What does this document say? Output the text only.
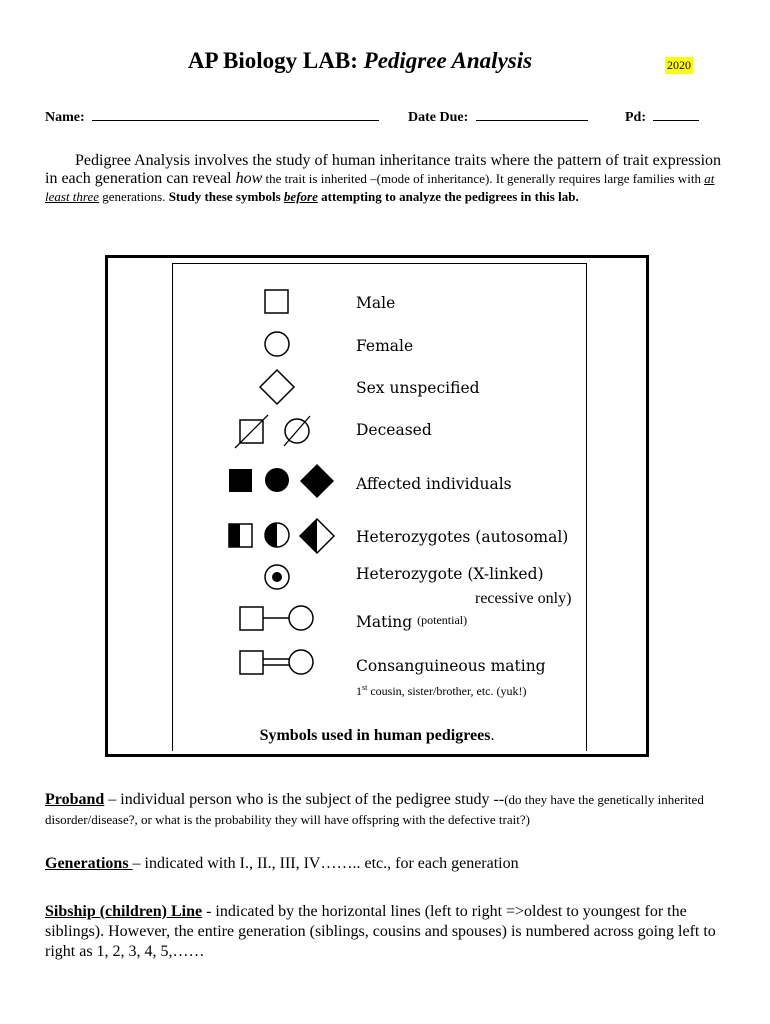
AP Biology LAB: Pedigree Analysis	2020
Name:	Date Due:	Pd:
Pedigree Analysis involves the study of human inheritance traits where the pattern of trait expression in each generation can reveal how the trait is inherited –(mode of inheritance). It generally requires large families with at least three generations. Study these symbols before attempting to analyze the pedigrees in this lab.
Male
Female
Sex unspecified
Deceased
Affected individuals
Heterozygotes (autosomal)
Heterozygote (X-linked)
recessive only)
Mating (potential)
Consanguineous mating
1st cousin, sister/brother, etc. (yuk!)
Symbols used in human pedigrees.
Proband – individual person who is the subject of the pedigree study --(do they have the genetically inherited disorder/disease?, or what is the probability they will have offspring with the defective trait?)
Generations – indicated with I., II., III, IV…….. etc., for each generation
Sibship (children) Line - indicated by the horizontal lines (left to right =>oldest to youngest for the siblings). However, the entire generation (siblings, cousins and spouses) is numbered across going left to right as 1, 2, 3, 4, 5,……
